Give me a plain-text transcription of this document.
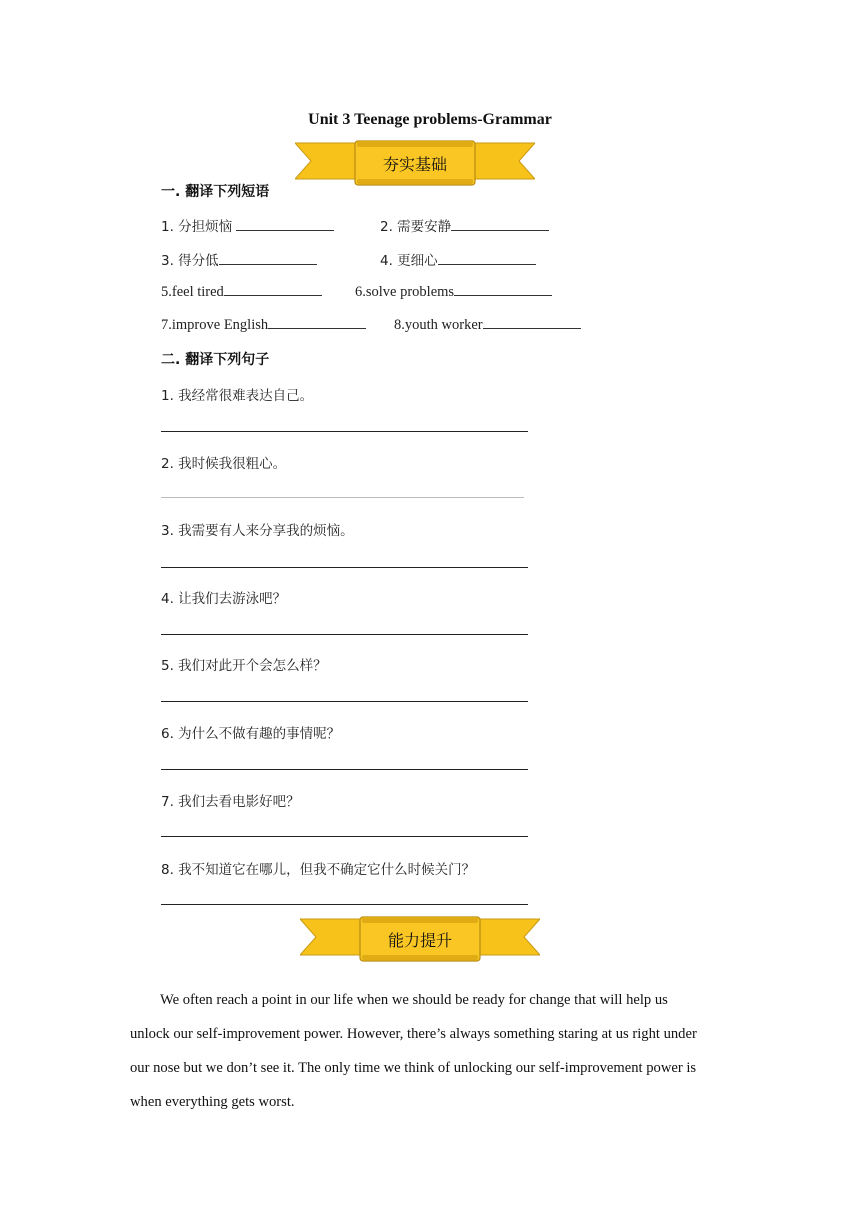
Unit 3 Teenage problems-Grammar
夯实基础
一. 翻译下列短语
1. 分担烦恼	2. 需要安静
3. 得分低	4. 更细心
5.feel tired	6.solve problems
7.improve English	8.youth worker
二. 翻译下列句子
1. 我经常很难表达自己。
2. 我时候我很粗心。
3. 我需要有人来分享我的烦恼。
4. 让我们去游泳吧？
5. 我们对此开个会怎么样？
6. 为什么不做有趣的事情呢？
7. 我们去看电影好吧？
8. 我不知道它在哪儿，但我不确定它什么时候关门？
能力提升
We often reach a point in our life when we should be ready for change that will help us
unlock our self-improvement power. However, there’s always something staring at us right under
our nose but we don’t see it. The only time we think of unlocking our self-improvement power is
when everything gets worst.
